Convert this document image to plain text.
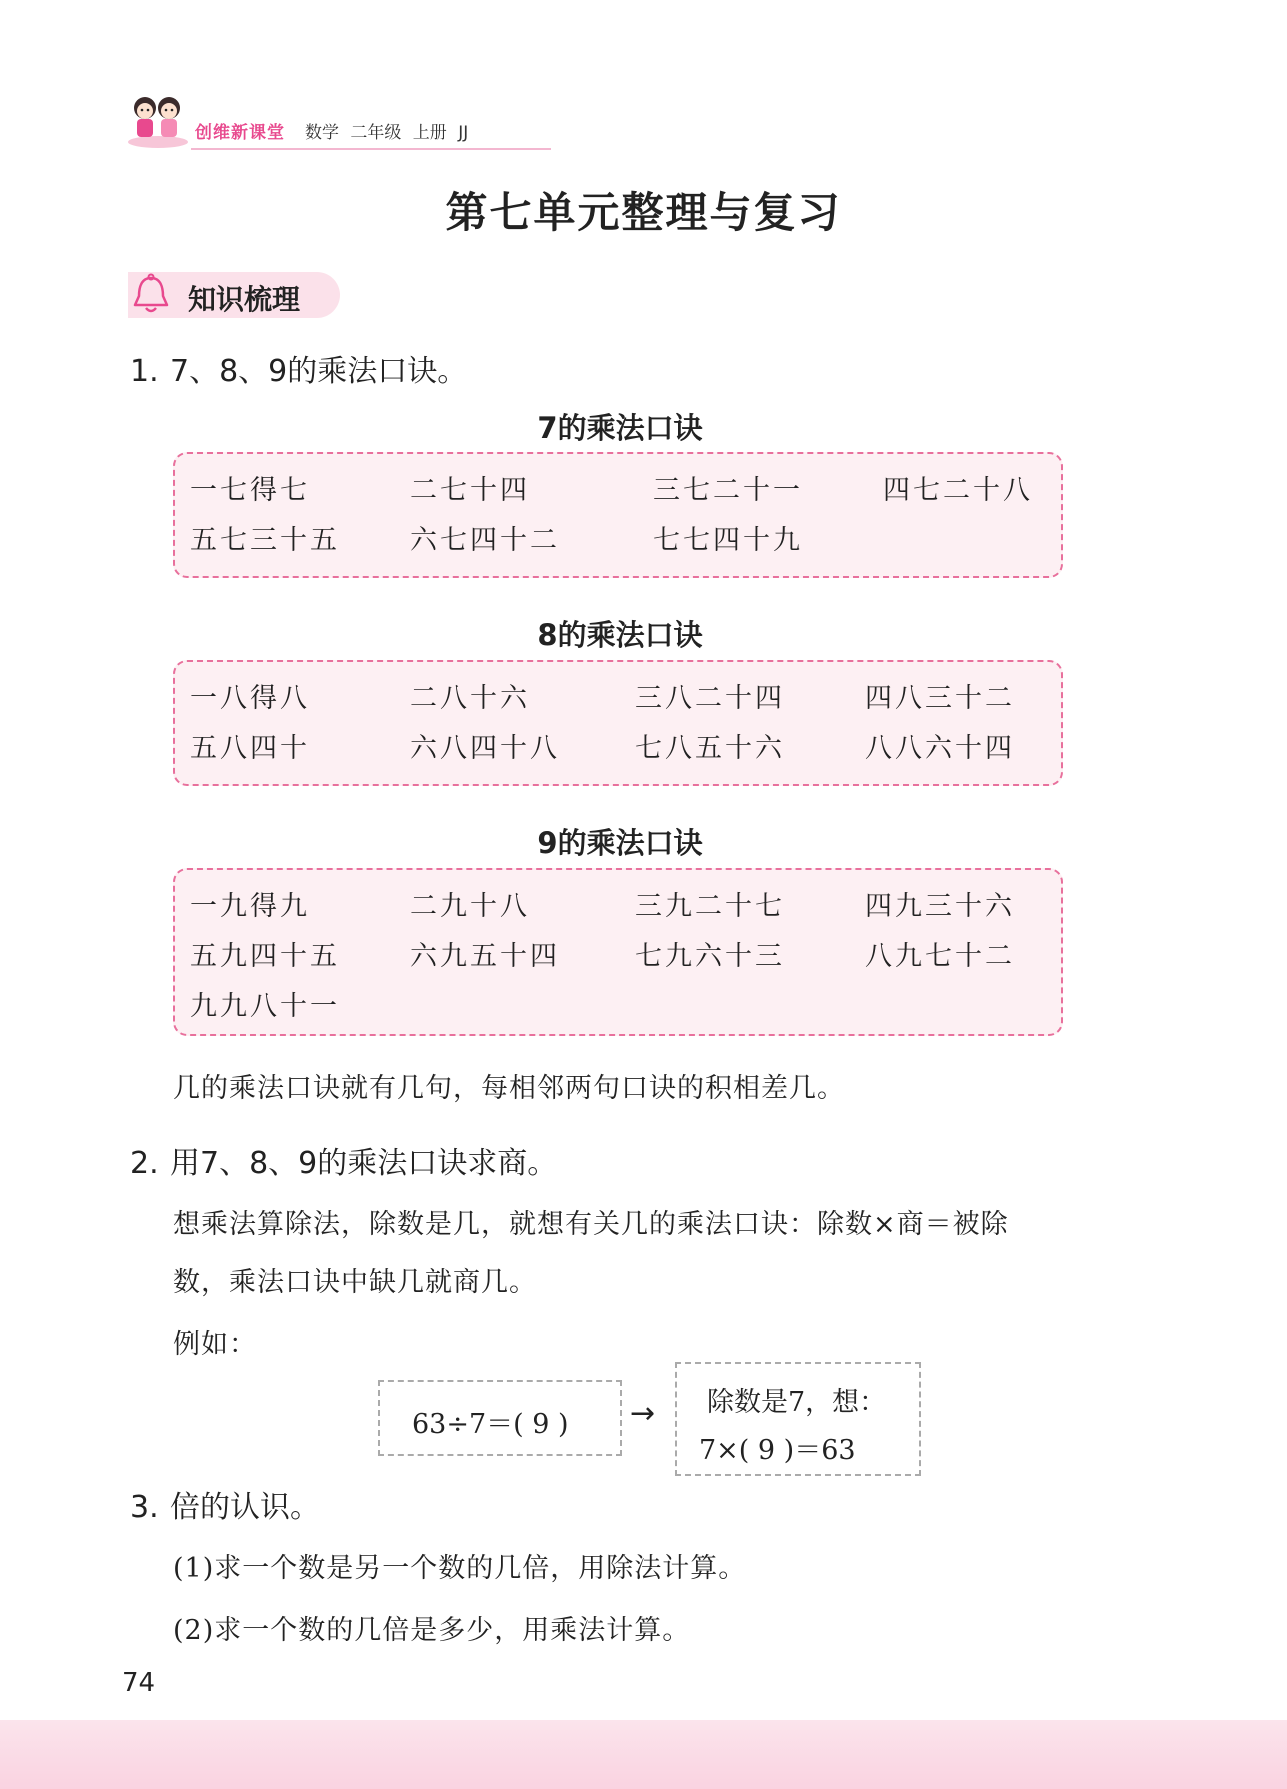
创维新课堂 数学 二年级 上册 JJ
第七单元整理与复习
知识梳理
1. 7、8、9的乘法口诀。
7的乘法口诀
一七得七	二七十四	三七二十一	四七二十八
五七三十五	六七四十二	七七四十九
8的乘法口诀
一八得八	二八十六	三八二十四	四八三十二
五八四十	六八四十八	七八五十六	八八六十四
9的乘法口诀
一九得九	二九十八	三九二十七	四九三十六
五九四十五	六九五十四	七九六十三	八九七十二
九九八十一
几的乘法口诀就有几句，每相邻两句口诀的积相差几。
2. 用7、8、9的乘法口诀求商。
想乘法算除法，除数是几，就想有关几的乘法口诀：除数×商＝被除
数，乘法口诀中缺几就商几。
例如：
63÷7＝( 9 ) → 除数是7，想：
7×( 9 )＝63
3. 倍的认识。
(1)求一个数是另一个数的几倍，用除法计算。
(2)求一个数的几倍是多少，用乘法计算。
74
